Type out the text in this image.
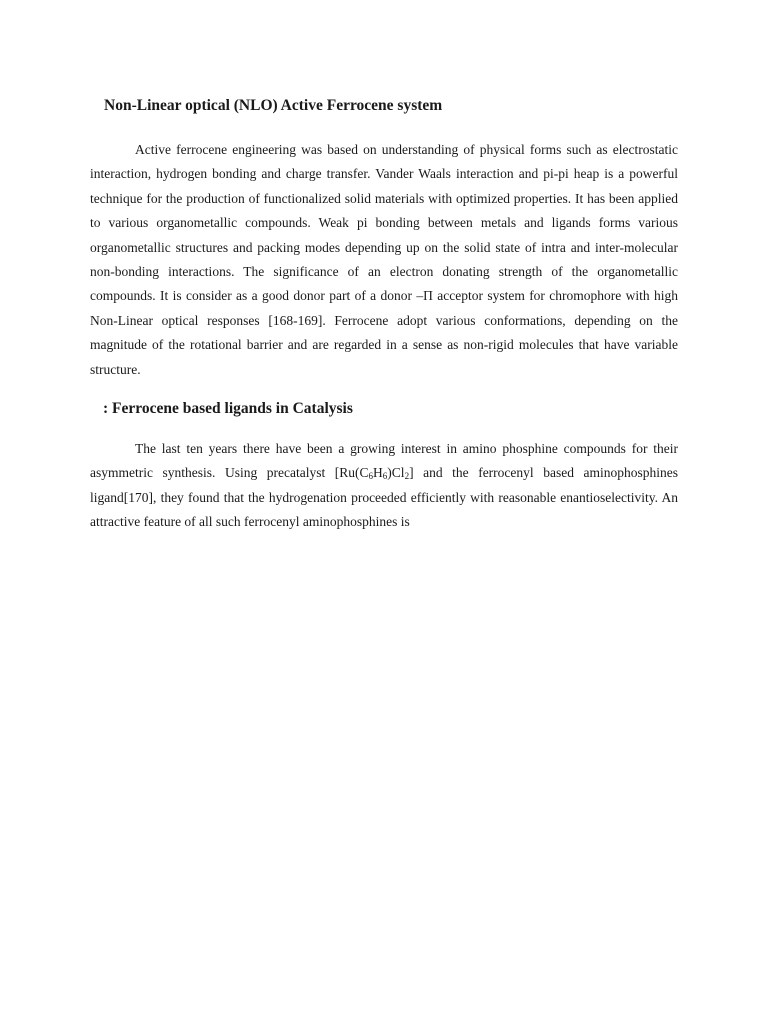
Non-Linear optical (NLO) Active Ferrocene system

Active ferrocene engineering was based on understanding of physical forms such as electrostatic interaction, hydrogen bonding and charge transfer. Vander Waals interaction and pi-pi heap is a powerful technique for the production of functionalized solid materials with optimized properties. It has been applied to various organometallic compounds. Weak pi bonding between metals and ligands forms various organometallic structures and packing modes depending up on the solid state of intra and inter-molecular non-bonding interactions. The significance of an electron donating strength of the organometallic compounds. It is consider as a good donor part of a donor –Π acceptor system for chromophore with high Non-Linear optical responses [168-169]. Ferrocene adopt various conformations, depending on the magnitude of the rotational barrier and are regarded in a sense as non-rigid molecules that have variable structure.

: Ferrocene based ligands in Catalysis

The last ten years there have been a growing interest in amino phosphine compounds for their asymmetric synthesis. Using precatalyst $[Ru(C_6H_6)Cl_2]$ and the ferrocenyl based aminophosphines ligand[170], they found that the hydrogenation proceeded efficiently with reasonable enantioselectivity. An attractive feature of all such ferrocenyl aminophosphines is
